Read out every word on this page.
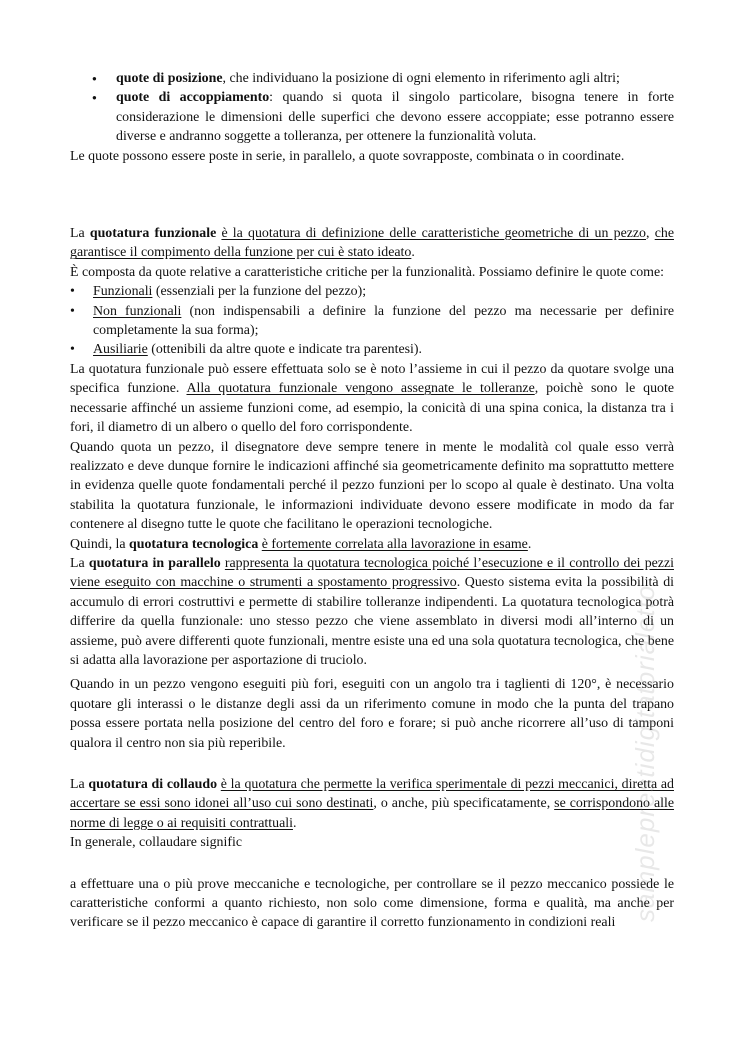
● quote di posizione, che individuano la posizione di ogni elemento in riferimento agli altri;
● quote di accoppiamento: quando si quota il singolo particolare, bisogna tenere in forte considerazione le dimensioni delle superfici che devono essere accoppiate; esse potranno essere diverse e andranno soggette a tolleranza, per ottenere la funzionalità voluta.

Le quote possono essere poste in serie, in parallelo, a quote sovrapposte, combinata o in coordinate.

La quotatura funzionale è la quotatura di definizione delle caratteristiche geometriche di un pezzo, che garantisce il compimento della funzione per cui è stato ideato.

È composta da quote relative a caratteristiche critiche per la funzionalità. Possiamo definire le quote come:

• Funzionali (essenziali per la funzione del pezzo);
• Non funzionali (non indispensabili a definire la funzione del pezzo ma necessarie per definire completamente la sua forma);
• Ausiliarie (ottenibili da altre quote e indicate tra parentesi).

La quotatura funzionale può essere effettuata solo se è noto l’assieme in cui il pezzo da quotare svolge una specifica funzione. Alla quotatura funzionale vengono assegnate le tolleranze, poichè sono le quote necessarie affinché un assieme funzioni come, ad esempio, la conicità di una spina conica, la distanza tra i fori, il diametro di un albero o quello del foro corrispondente.

Quando quota un pezzo, il disegnatore deve sempre tenere in mente le modalità col quale esso verrà realizzato e deve dunque fornire le indicazioni affinché sia geometricamente definito ma soprattutto mettere in evidenza quelle quote fondamentali perché il pezzo funzioni per lo scopo al quale è destinato. Una volta stabilita la quotatura funzionale, le informazioni individuate devono essere modificate in modo da far contenere al disegno tutte le quote che facilitano le operazioni tecnologiche.

Quindi, la quotatura tecnologica è fortemente correlata alla lavorazione in esame.

La quotatura in parallelo rappresenta la quotatura tecnologica poiché l’esecuzione e il controllo dei pezzi viene eseguito con macchine o strumenti a spostamento progressivo. Questo sistema evita la possibilità di accumulo di errori costruttivi e permette di stabilire tolleranze indipendenti. La quotatura tecnologica potrà differire da quella funzionale: uno stesso pezzo che viene assemblato in diversi modi all’interno di un assieme, può avere differenti quote funzionali, mentre esiste una ed una sola quotatura tecnologica, che bene si adatta alla lavorazione per asportazione di truciolo.

Quando in un pezzo vengono eseguiti più fori, eseguiti con un angolo tra i taglienti di 120°, è necessario quotare gli interassi o le distanze degli assi da un riferimento comune in modo che la punta del trapano possa essere portata nella posizione del centro del foro e forare; si può anche ricorrere all’uso di tamponi qualora il centro non sia più reperibile.

La quotatura di collaudo è la quotatura che permette la verifica sperimentale di pezzi meccanici, diretta ad accertare se essi sono idonei all’uso cui sono destinati, o anche, più specificatamente, se corrispondono alle norme di legge o ai requisiti contrattuali.

In generale, collaudare signific

a effettuare una o più prove meccaniche e tecnologiche, per controllare se il pezzo meccanico possiede le caratteristiche conformi a quanto richiesto, non solo come dimensione, forma e qualità, ma anche per verificare se il pezzo meccanico è capace di garantire il corretto funzionamento in condizioni reali

sampleprestidigitatorialetto
